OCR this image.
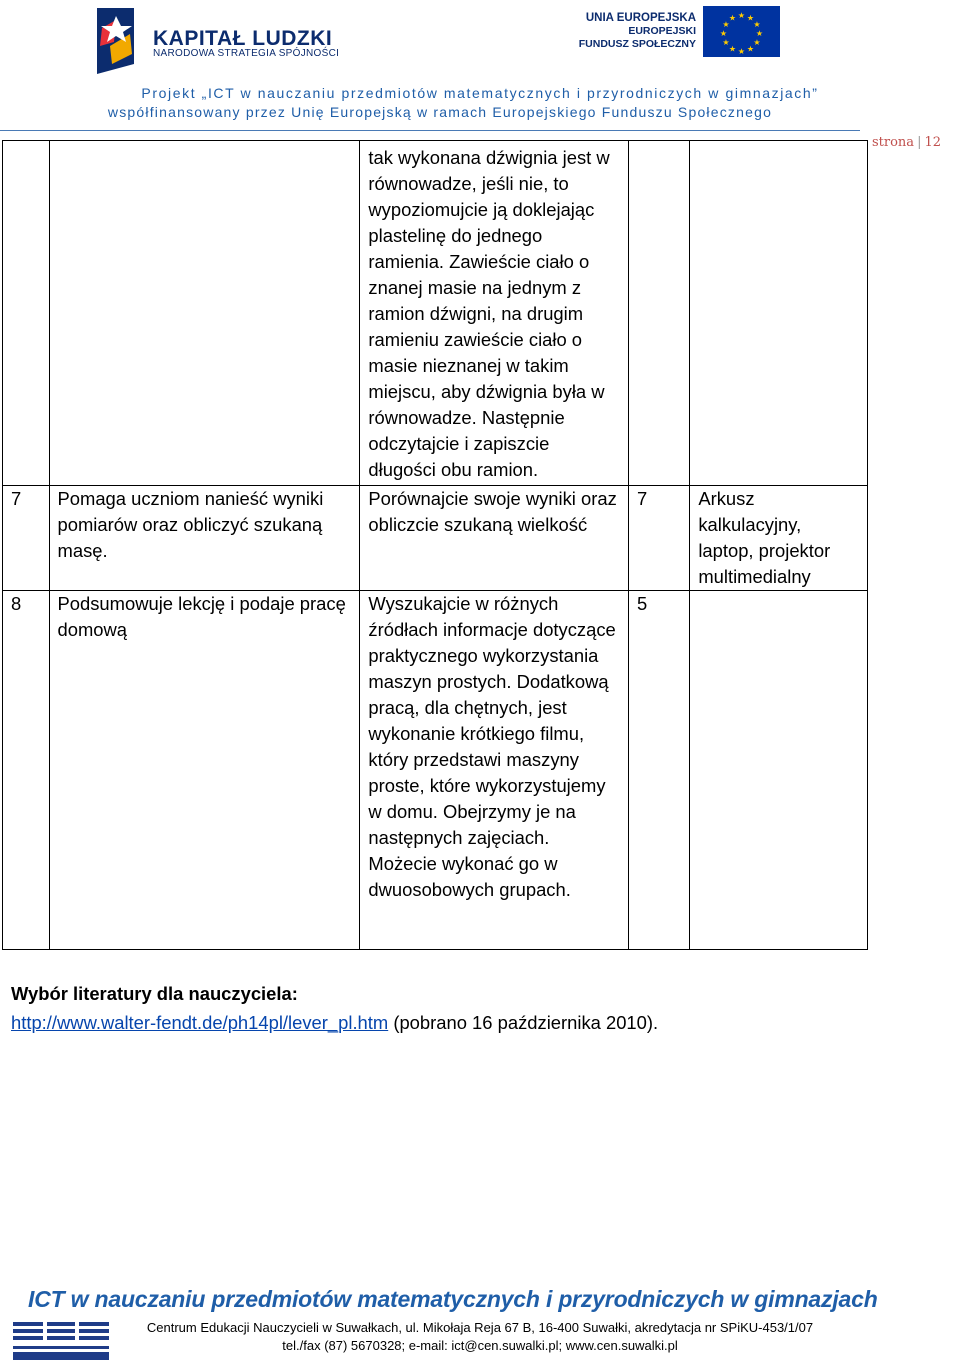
KAPITAŁ LUDZKI
NARODOWA STRATEGIA SPÓJNOŚCI
UNIA EUROPEJSKA
EUROPEJSKI
FUNDUSZ SPOŁECZNY
★ ★
★
★
★
★
★
★
★
★
★
★
Projekt „ICT w nauczaniu przedmiotów matematycznych i przyrodniczych w gimnazjach”
współfinansowany przez Unię Europejską w ramach Europejskiego Funduszu Społecznego
strona | 12
		tak wykonana dźwignia jest w równowadze, jeśli nie, to wypoziomujcie ją doklejając plastelinę do jednego ramienia. Zawieście ciało o znanej masie na jednym z ramion dźwigni, na drugim ramieniu zawieście ciało o masie nieznanej w takim miejscu, aby dźwignia była w równowadze. Następnie odczytajcie i zapiszcie długości obu ramion.		
7	Pomaga uczniom nanieść wyniki pomiarów oraz obliczyć szukaną masę.	Porównajcie swoje wyniki oraz obliczcie szukaną wielkość	7	Arkusz kalkulacyjny, laptop, projektor multimedialny
8	Podsumowuje lekcję i podaje pracę domową	Wyszukajcie w różnych źródłach informacje dotyczące praktycznego wykorzystania maszyn prostych. Dodatkową pracą, dla chętnych, jest wykonanie krótkiego filmu, który przedstawi maszyny proste, które wykorzystujemy w domu. Obejrzymy je na następnych zajęciach. Możecie wykonać go w dwuosobowych grupach.	5	
Wybór literatury dla nauczyciela:
http://www.walter-fendt.de/ph14pl/lever_pl.htm (pobrano 16 października 2010).
ICT w nauczaniu przedmiotów matematycznych i przyrodniczych w gimnazjach
Centrum Edukacji Nauczycieli w Suwałkach, ul. Mikołaja Reja 67 B, 16-400 Suwałki, akredytacja nr SPiKU-453/1/07
tel./fax (87) 5670328; e-mail: ict@cen.suwalki.pl; www.cen.suwalki.pl
